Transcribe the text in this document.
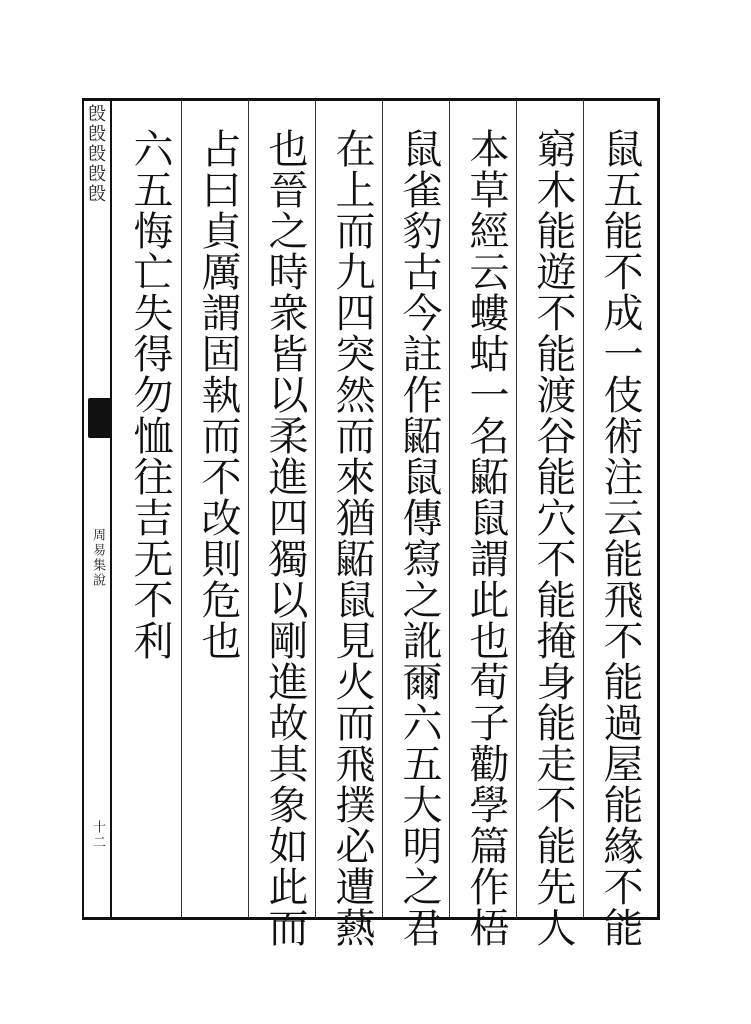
𣪘𣪘𣪘𣪘𣪘
周易集說
十二	鼠五能不成一伎術注云能飛不能過屋能緣不能
窮木能遊不能渡谷能穴不能掩身能走不能先人
本草經云螻蛄一名鼫鼠謂此也荀子勸學篇作梧
鼠雀豹古今註作鼫鼠傳寫之訛爾六五大明之君
在上而九四突然而來猶鼫鼠見火而飛撲必遭爇
也晉之時衆皆以柔進四獨以剛進故其象如此而
占曰貞厲謂固執而不改則危也
六五悔亡失得勿恤往吉无不利
